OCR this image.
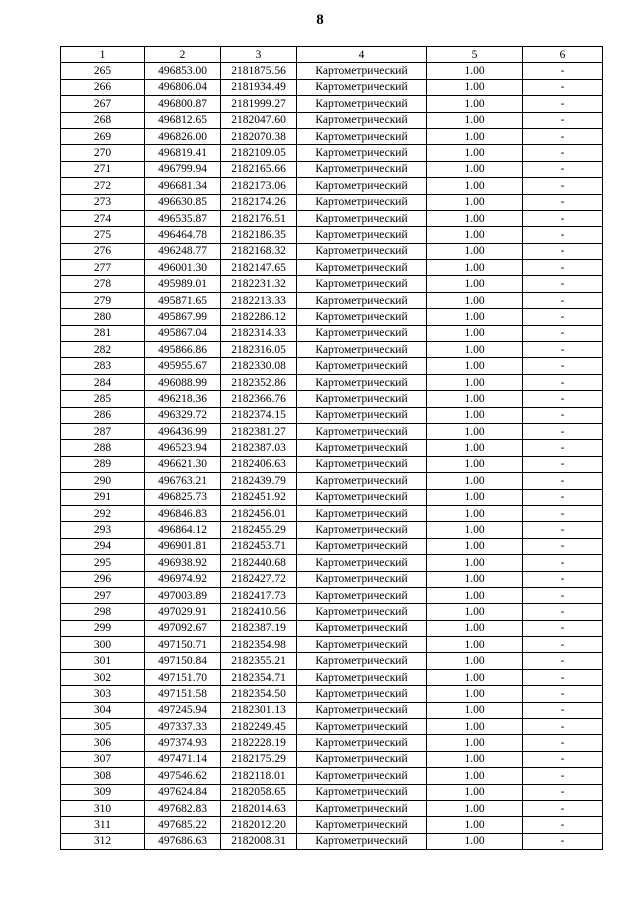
8
1	2	3	4	5	6
265	496853.00	2181875.56	Картометрический	1.00	-
266	496806.04	2181934.49	Картометрический	1.00	-
267	496800.87	2181999.27	Картометрический	1.00	-
268	496812.65	2182047.60	Картометрический	1.00	-
269	496826.00	2182070.38	Картометрический	1.00	-
270	496819.41	2182109.05	Картометрический	1.00	-
271	496799.94	2182165.66	Картометрический	1.00	-
272	496681.34	2182173.06	Картометрический	1.00	-
273	496630.85	2182174.26	Картометрический	1.00	-
274	496535.87	2182176.51	Картометрический	1.00	-
275	496464.78	2182186.35	Картометрический	1.00	-
276	496248.77	2182168.32	Картометрический	1.00	-
277	496001.30	2182147.65	Картометрический	1.00	-
278	495989.01	2182231.32	Картометрический	1.00	-
279	495871.65	2182213.33	Картометрический	1.00	-
280	495867.99	2182286.12	Картометрический	1.00	-
281	495867.04	2182314.33	Картометрический	1.00	-
282	495866.86	2182316.05	Картометрический	1.00	-
283	495955.67	2182330.08	Картометрический	1.00	-
284	496088.99	2182352.86	Картометрический	1.00	-
285	496218.36	2182366.76	Картометрический	1.00	-
286	496329.72	2182374.15	Картометрический	1.00	-
287	496436.99	2182381.27	Картометрический	1.00	-
288	496523.94	2182387.03	Картометрический	1.00	-
289	496621.30	2182406.63	Картометрический	1.00	-
290	496763.21	2182439.79	Картометрический	1.00	-
291	496825.73	2182451.92	Картометрический	1.00	-
292	496846.83	2182456.01	Картометрический	1.00	-
293	496864.12	2182455.29	Картометрический	1.00	-
294	496901.81	2182453.71	Картометрический	1.00	-
295	496938.92	2182440.68	Картометрический	1.00	-
296	496974.92	2182427.72	Картометрический	1.00	-
297	497003.89	2182417.73	Картометрический	1.00	-
298	497029.91	2182410.56	Картометрический	1.00	-
299	497092.67	2182387.19	Картометрический	1.00	-
300	497150.71	2182354.98	Картометрический	1.00	-
301	497150.84	2182355.21	Картометрический	1.00	-
302	497151.70	2182354.71	Картометрический	1.00	-
303	497151.58	2182354.50	Картометрический	1.00	-
304	497245.94	2182301.13	Картометрический	1.00	-
305	497337.33	2182249.45	Картометрический	1.00	-
306	497374.93	2182228.19	Картометрический	1.00	-
307	497471.14	2182175.29	Картометрический	1.00	-
308	497546.62	2182118.01	Картометрический	1.00	-
309	497624.84	2182058.65	Картометрический	1.00	-
310	497682.83	2182014.63	Картометрический	1.00	-
311	497685.22	2182012.20	Картометрический	1.00	-
312	497686.63	2182008.31	Картометрический	1.00	-
